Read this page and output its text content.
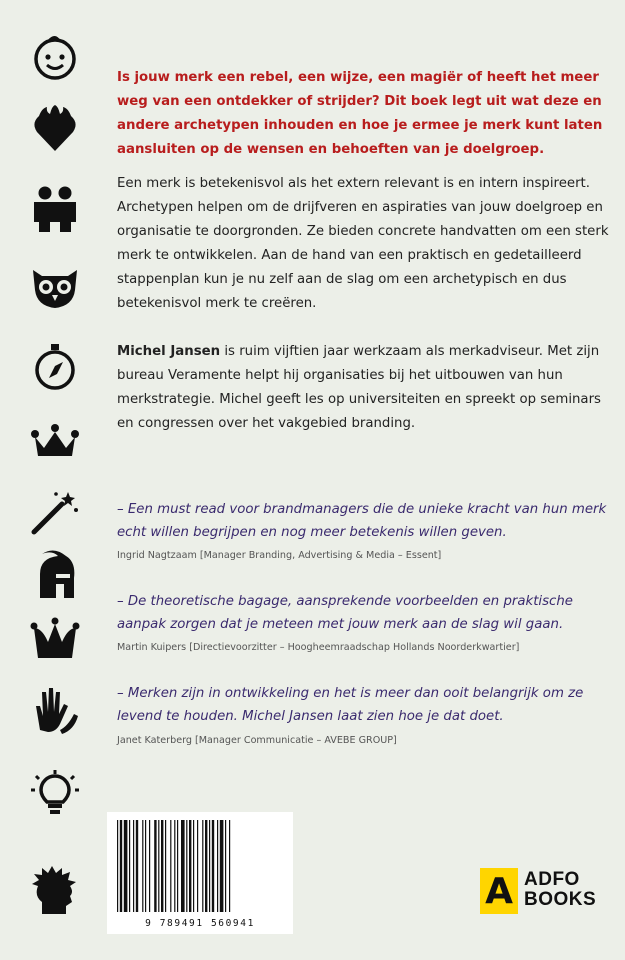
Is jouw merk een rebel, een wijze, een magiër of heeft het meer weg van een ontdekker of strijder? Dit boek legt uit wat deze en andere archetypen inhouden en hoe je ermee je merk kunt laten aansluiten op de wensen en behoeften van je doelgroep.

Een merk is betekenisvol als het extern relevant is en intern inspireert. Archetypen helpen om de drijfveren en aspiraties van jouw doelgroep en organisatie te doorgronden. Ze bieden concrete handvatten om een sterk merk te ontwikkelen. Aan de hand van een praktisch en gedetailleerd stappenplan kun je nu zelf aan de slag om een archetypisch en dus betekenisvol merk te creëren.

Michel Jansen is ruim vijftien jaar werkzaam als merkadviseur. Met zijn bureau Veramente helpt hij organisaties bij het uitbouwen van hun merkstrategie. Michel geeft les op universiteiten en spreekt op seminars en congressen over het vakgebied branding.

– Een must read voor brandmanagers die de unieke kracht van hun merk echt willen begrijpen en nog meer betekenis willen geven.

Ingrid Nagtzaam [Manager Branding, Advertising & Media – Essent]

– De theoretische bagage, aansprekende voorbeelden en praktische aanpak zorgen dat je meteen met jouw merk aan de slag wil gaan.

Martin Kuipers [Directievoorzitter – Hoogheemraadschap Hollands Noorderkwartier]

– Merken zijn in ontwikkeling en het is meer dan ooit belangrijk om ze levend te houden. Michel Jansen laat zien hoe je dat doet.

Janet Katerberg [Manager Communicatie – AVEBE GROUP]
9 789491 560941
A ADFO
BOOKS
